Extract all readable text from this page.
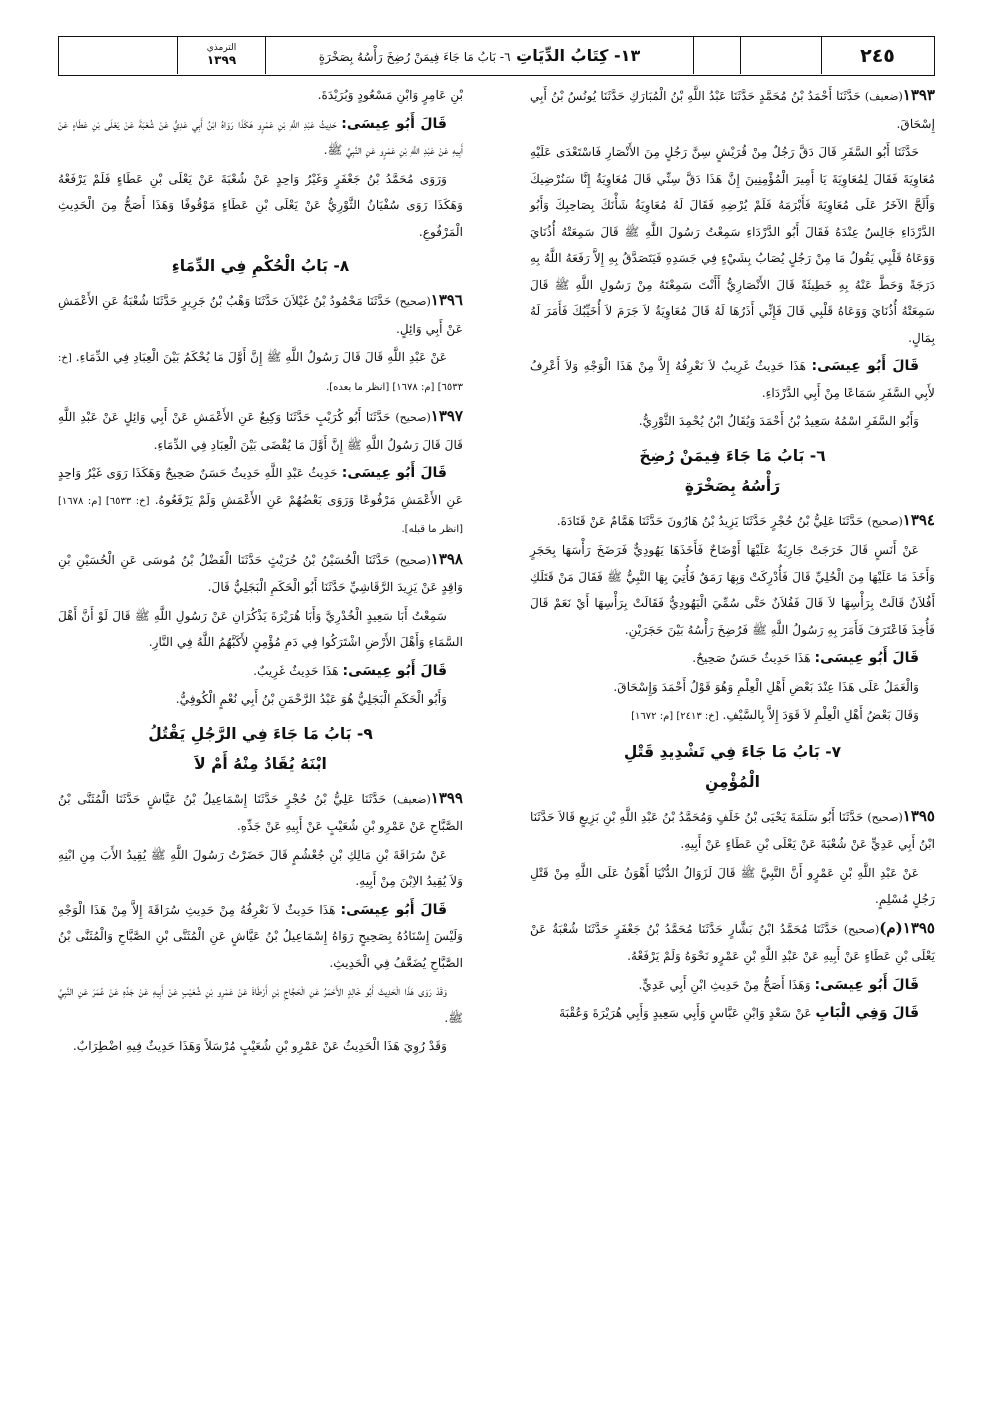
الترمذي
١٣٩٩	١٣- كِتَابُ الدِّيَاتِ ٦- بَابُ مَا جَاءَ فِيمَنْ رُضِخَ رَأْسُهُ بِصَخْرَةٍ	٢٤٥

١٣٩٣(ضعيف) حَدَّثَنَا أَحْمَدُ بْنُ مُحَمَّدٍ حَدَّثَنَا عَبْدُ اللَّهِ بْنُ الْمُبَارَكِ حَدَّثَنَا يُونُسُ بْنُ أَبِي إِسْحَاقَ.

حَدَّثَنَا أَبُو السَّفَرِ قَالَ دَقَّ رَجُلٌ مِنْ قُرَيْشٍ سِنَّ رَجُلٍ مِنَ الأَنْصَارِ فَاسْتَعْدَى عَلَيْهِ مُعَاوِيَةَ فَقَالَ لِمُعَاوِيَةَ يَا أَمِيرَ الْمُؤْمِنِينَ إِنَّ هَذَا دَقَّ سِنِّي قَالَ مُعَاوِيَةُ إِنَّا سَنُرْضِيكَ وَأَلَحَّ الآخَرُ عَلَى مُعَاوِيَةَ فَأَبْرَمَهُ فَلَمْ يُرْضِهِ فَقَالَ لَهُ مُعَاوِيَةُ شَأْنَكَ بِصَاحِبِكَ وَأَبُو الدَّرْدَاءِ جَالِسٌ عِنْدَهُ فَقَالَ أَبُو الدَّرْدَاءِ سَمِعْتُ رَسُولَ اللَّهِ ﷺ قَالَ سَمِعَتْهُ أُذُنَايَ وَوَعَاهُ قَلْبِي يَقُولُ مَا مِنْ رَجُلٍ يُصَابُ بِشَيْءٍ فِي جَسَدِهِ فَيَتَصَدَّقُ بِهِ إِلاَّ رَفَعَهُ اللَّهُ بِهِ دَرَجَةً وَحَطَّ عَنْهُ بِهِ خَطِيئَةً قَالَ الأَنْصَارِيُّ أَأَنْتَ سَمِعْتَهُ مِنْ رَسُولِ اللَّهِ ﷺ قَالَ سَمِعَتْهُ أُذُنَايَ وَوَعَاهُ قَلْبِي قَالَ فَإِنِّي أَذَرُهَا لَهُ قَالَ مُعَاوِيَةُ لاَ جَرَمَ لاَ أُخَيِّبُكَ فَأَمَرَ لَهُ بِمَالٍ.

قَالَ أَبُو عِيسَى: هَذَا حَدِيثٌ غَرِيبٌ لاَ نَعْرِفُهُ إِلاَّ مِنْ هَذَا الْوَجْهِ وَلاَ أَعْرِفُ لأَبِي السَّفَرِ سَمَاعًا مِنْ أَبِي الدَّرْدَاءِ.

وَأَبُو السَّفَرِ اسْمُهُ سَعِيدُ بْنُ أَحْمَدَ وَيُقَالُ ابْنُ يُحْمِدَ الثَّوْرِيُّ.

٦- بَابُ مَا جَاءَ فِيمَنْ رُضِخَ
رَأْسُهُ بِصَخْرَةٍ

١٣٩٤(صحيح) حَدَّثَنَا عَلِيُّ بْنُ حُجْرٍ حَدَّثَنَا يَزِيدُ بْنُ هَارُونَ حَدَّثَنَا هَمَّامٌ عَنْ قَتَادَةَ.

عَنْ أَنَسٍ قَالَ خَرَجَتْ جَارِيَةٌ عَلَيْهَا أَوْضَاحٌ فَأَخَذَهَا يَهُودِيٌّ فَرَضَخَ رَأْسَهَا بِحَجَرٍ وَأَخَذَ مَا عَلَيْهَا مِنَ الْحُلِيِّ قَالَ فَأُدْرِكَتْ وَبِهَا رَمَقٌ فَأُتِيَ بِهَا النَّبِيُّ ﷺ فَقَالَ مَنْ قَتَلَكِ أَفُلاَنٌ قَالَتْ بِرَأْسِهَا لاَ قَالَ فَفُلاَنٌ حَتَّى سُمِّيَ الْيَهُودِيُّ فَقَالَتْ بِرَأْسِهَا أَيْ نَعَمْ قَالَ فَأُخِذَ فَاعْتَرَفَ فَأَمَرَ بِهِ رَسُولُ اللَّهِ ﷺ فَرُضِخَ رَأْسُهُ بَيْنَ حَجَرَيْنِ.

قَالَ أَبُو عِيسَى: هَذَا حَدِيثٌ حَسَنٌ صَحِيحٌ.

وَالْعَمَلُ عَلَى هَذَا عِنْدَ بَعْضِ أَهْلِ الْعِلْمِ وَهُوَ قَوْلُ أَحْمَدَ وَإِسْحَاقَ.

وَقَالَ بَعْضُ أَهْلِ الْعِلْمِ لاَ قَوَدَ إِلاَّ بِالسَّيْفِ. [خ: ٢٤١٣] [م: ١٦٧٢]

٧- بَابُ مَا جَاءَ فِي تَشْدِيدِ قَتْلِ
الْمُؤْمِنِ

١٣٩٥(صحيح) حَدَّثَنَا أَبُو سَلَمَةَ يَحْيَى بْنُ خَلَفٍ وَمُحَمَّدُ بْنُ عَبْدِ اللَّهِ بْنِ بَزِيعٍ قَالاَ حَدَّثَنَا ابْنُ أَبِي عَدِيٍّ عَنْ شُعْبَةَ عَنْ يَعْلَى بْنِ عَطَاءٍ عَنْ أَبِيهِ.

عَنْ عَبْدِ اللَّهِ بْنِ عَمْرٍو أَنَّ النَّبِيَّ ﷺ قَالَ لَزَوَالُ الدُّنْيَا أَهْوَنُ عَلَى اللَّهِ مِنْ قَتْلِ رَجُلٍ مُسْلِمٍ.

١٣٩٥(م)(صحيح) حَدَّثَنَا مُحَمَّدُ ابْنُ بَشَّارٍ حَدَّثَنَا مُحَمَّدُ بْنُ جَعْفَرٍ حَدَّثَنَا شُعْبَةُ عَنْ يَعْلَى بْنِ عَطَاءٍ عَنْ أَبِيهِ عَنْ عَبْدِ اللَّهِ بْنِ عَمْرٍو نَحْوَهُ وَلَمْ يَرْفَعْهُ.

قَالَ أَبُو عِيسَى: وَهَذَا أَصَحُّ مِنْ حَدِيثِ ابْنِ أَبِي عَدِيٍّ.

قَالَ وَفِي الْبَابِ عَنْ سَعْدٍ وَابْنِ عَبَّاسٍ وَأَبِي سَعِيدٍ وَأَبِي هُرَيْرَةَ وَعُقْبَةَ

بْنِ عَامِرٍ وَابْنِ مَسْعُودٍ وَبُرَيْدَةَ.

قَالَ أَبُو عِيسَى: حَدِيثُ عَبْدِ اللَّهِ بْنِ عَمْرٍو هَكَذَا رَوَاهُ ابْنُ أَبِي عَدِيٍّ عَنْ شُعْبَةَ عَنْ يَعْلَى بْنِ عَطَاءٍ عَنْ أَبِيهِ عَنْ عَبْدِ اللَّهِ بْنِ عَمْرٍو عَنِ النَّبِيِّ ﷺ.

وَرَوَى مُحَمَّدُ بْنُ جَعْفَرٍ وَغَيْرُ وَاحِدٍ عَنْ شُعْبَةَ عَنْ يَعْلَى بْنِ عَطَاءٍ فَلَمْ يَرْفَعْهُ وَهَكَذَا رَوَى سُفْيَانُ الثَّوْرِيُّ عَنْ يَعْلَى بْنِ عَطَاءٍ مَوْقُوفًا وَهَذَا أَصَحُّ مِنَ الْحَدِيثِ الْمَرْفُوعِ.

٨- بَابُ الْحُكْمِ فِي الدِّمَاءِ

١٣٩٦(صحيح) حَدَّثَنَا مَحْمُودُ بْنُ غَيْلاَنَ حَدَّثَنَا وَهْبُ بْنُ جَرِيرٍ حَدَّثَنَا شُعْبَةُ عَنِ الأَعْمَشِ عَنْ أَبِي وَائِلٍ.

عَنْ عَبْدِ اللَّهِ قَالَ قَالَ رَسُولُ اللَّهِ ﷺ إِنَّ أَوَّلَ مَا يُحْكَمُ بَيْنَ الْعِبَادِ فِي الدِّمَاءِ. [خ: ٦٥٣٣] [م: ١٦٧٨] [انظر ما بعده].

١٣٩٧(صحيح) حَدَّثَنَا أَبُو كُرَيْبٍ حَدَّثَنَا وَكِيعٌ عَنِ الأَعْمَشِ عَنْ أَبِي وَائِلٍ عَنْ عَبْدِ اللَّهِ قَالَ قَالَ رَسُولُ اللَّهِ ﷺ إِنَّ أَوَّلَ مَا يُقْضَى بَيْنَ الْعِبَادِ فِي الدِّمَاءِ.

قَالَ أَبُو عِيسَى: حَدِيثُ عَبْدِ اللَّهِ حَدِيثٌ حَسَنٌ صَحِيحٌ وَهَكَذَا رَوَى غَيْرُ وَاحِدٍ عَنِ الأَعْمَشِ مَرْفُوعًا وَرَوَى بَعْضُهُمْ عَنِ الأَعْمَشِ وَلَمْ يَرْفَعُوهُ. [خ: ٦٥٣٣] [م: ١٦٧٨] [انظر ما قبله].

١٣٩٨(صحيح) حَدَّثَنَا الْحُسَيْنُ بْنُ حُرَيْثٍ حَدَّثَنَا الْفَضْلُ بْنُ مُوسَى عَنِ الْحُسَيْنِ بْنِ وَاقِدٍ عَنْ يَزِيدَ الرَّقَاشِيِّ حَدَّثَنَا أَبُو الْحَكَمِ الْبَجَلِيُّ قَالَ.

سَمِعْتُ أَبَا سَعِيدٍ الْخُدْرِيَّ وَأَبَا هُرَيْرَةَ يَذْكُرَانِ عَنْ رَسُولِ اللَّهِ ﷺ قَالَ لَوْ أَنَّ أَهْلَ السَّمَاءِ وَأَهْلَ الأَرْضِ اشْتَرَكُوا فِي دَمِ مُؤْمِنٍ لأَكَبَّهُمُ اللَّهُ فِي النَّارِ.

قَالَ أَبُو عِيسَى: هَذَا حَدِيثٌ غَرِيبٌ.

وَأَبُو الْحَكَمِ الْبَجَلِيُّ هُوَ عَبْدُ الرَّحْمَنِ بْنُ أَبِي نُعْمٍ الْكُوفِيُّ.

٩- بَابُ مَا جَاءَ فِي الرَّجُلِ يَقْتُلُ
ابْنَهُ يُقَادُ مِنْهُ أَمْ لاَ

١٣٩٩(ضعيف) حَدَّثَنَا عَلِيُّ بْنُ حُجْرٍ حَدَّثَنَا إِسْمَاعِيلُ بْنُ عَيَّاشٍ حَدَّثَنَا الْمُثَنَّى بْنُ الصَّبَّاحِ عَنْ عَمْرِو بْنِ شُعَيْبٍ عَنْ أَبِيهِ عَنْ جَدِّهِ.

عَنْ سُرَاقَةَ بْنِ مَالِكِ بْنِ جُعْشُمٍ قَالَ حَضَرْتُ رَسُولَ اللَّهِ ﷺ يُقِيدُ الأَبَ مِنِ ابْنِهِ وَلاَ يُقِيدُ الاِبْنَ مِنْ أَبِيهِ.

قَالَ أَبُو عِيسَى: هَذَا حَدِيثٌ لاَ نَعْرِفُهُ مِنْ حَدِيثِ سُرَاقَةَ إِلاَّ مِنْ هَذَا الْوَجْهِ وَلَيْسَ إِسْنَادُهُ بِصَحِيحٍ رَوَاهُ إِسْمَاعِيلُ بْنُ عَيَّاشٍ عَنِ الْمُثَنَّى بْنِ الصَّبَّاحِ وَالْمُثَنَّى بْنُ الصَّبَّاحِ يُضَعَّفُ فِي الْحَدِيثِ.

وَقَدْ رَوَى هَذَا الْحَدِيثَ أَبُو خَالِدٍ الأَحْمَرُ عَنِ الْحَجَّاجِ بْنِ أَرْطَاةَ عَنْ عَمْرِو بْنِ شُعَيْبٍ عَنْ أَبِيهِ عَنْ جَدِّهِ عَنْ عُمَرَ عَنِ النَّبِيِّ ﷺ.

وَقَدْ رُوِيَ هَذَا الْحَدِيثُ عَنْ عَمْرِو بْنِ شُعَيْبٍ مُرْسَلاً وَهَذَا حَدِيثٌ فِيهِ اضْطِرَابٌ.
